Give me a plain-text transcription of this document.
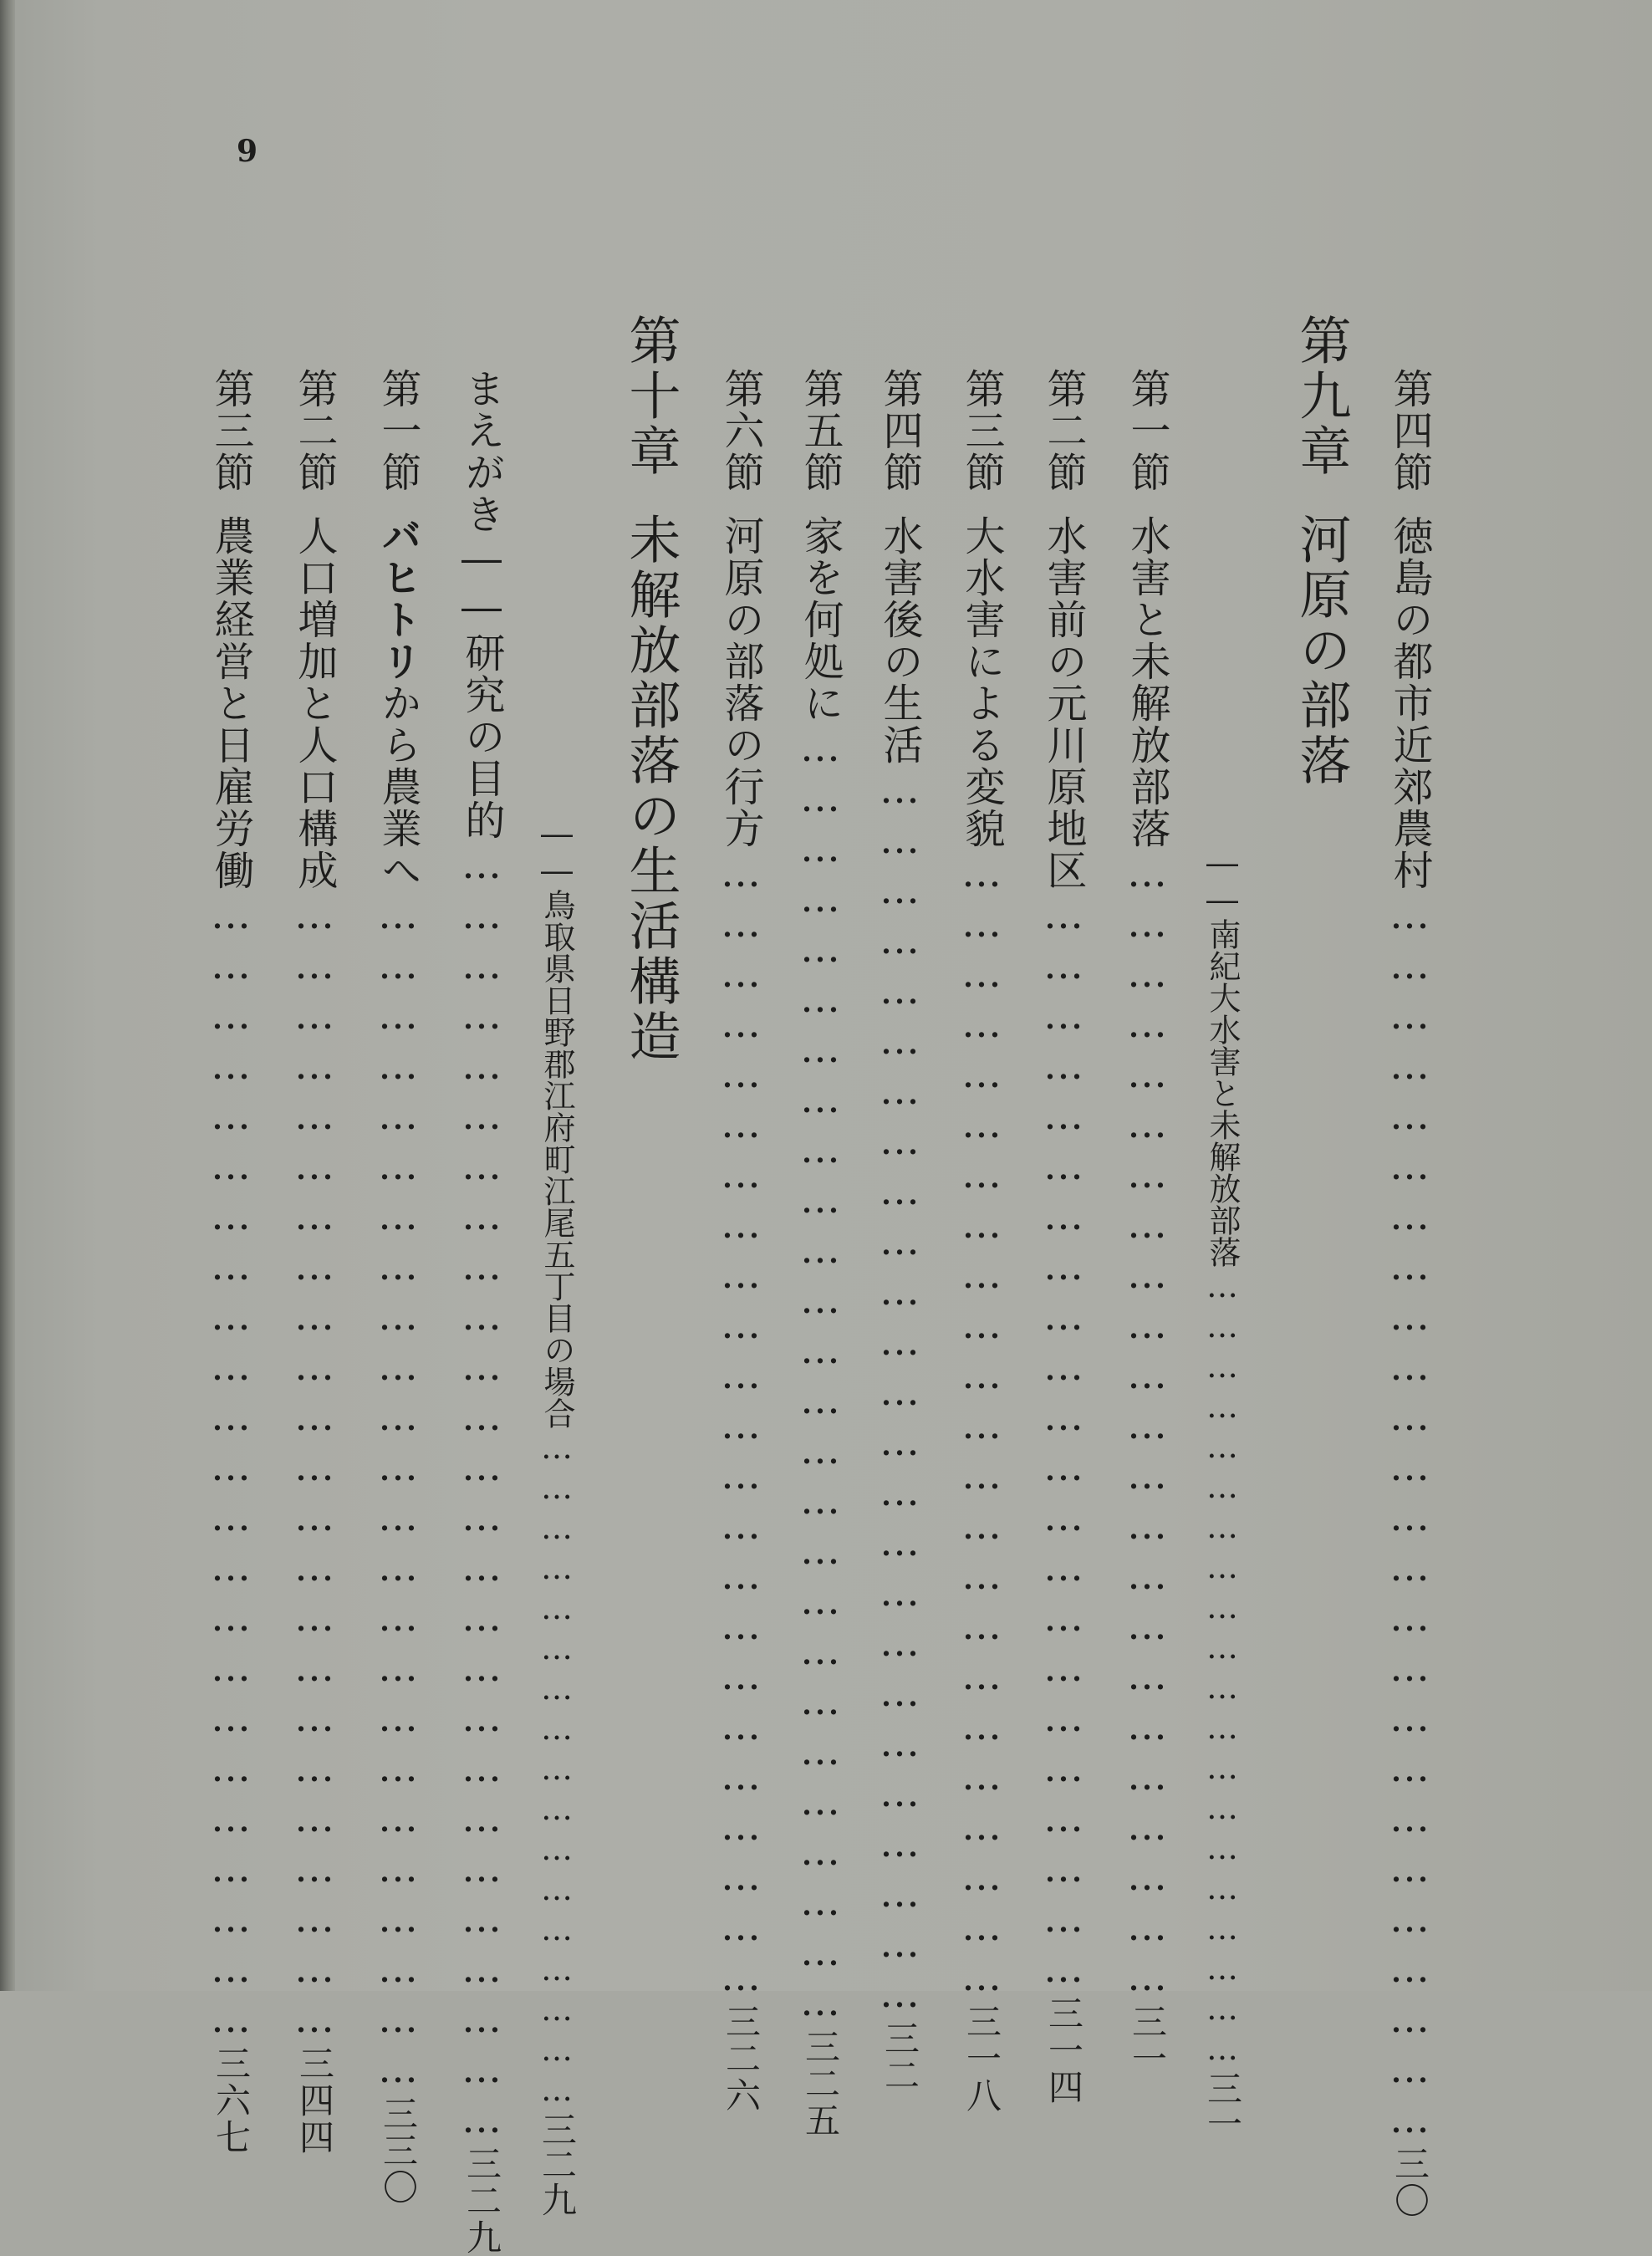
9
第四節徳島の都市近郊農村…………………………………………………………………三〇
第九章河原の部落
――南紀大水害と未解放部落……………………………………………………三一
第一節水害と未解放部落……………………………………………………………三一
第二節水害前の元川原地区…………………………………………………………三一四
第三節大水害による変貌……………………………………………………………三一八
第四節水害後の生活…………………………………………………………………三二
第五節家を何処に……………………………………………………………………三二五
第六節河原の部落の行方……………………………………………………………三二六
第十章未解放部落の生活構造
――鳥取県日野郡江府町江尾五丁目の場合……………………………………………三二九
まえがき――研究の目的……………………………………………………………………三二九
第一節バヒトリから農業へ………………………………………………………………三三〇
第二節人口増加と人口構成……………………………………………………………三四四
第三節農業経営と日雇労働……………………………………………………………三六七
